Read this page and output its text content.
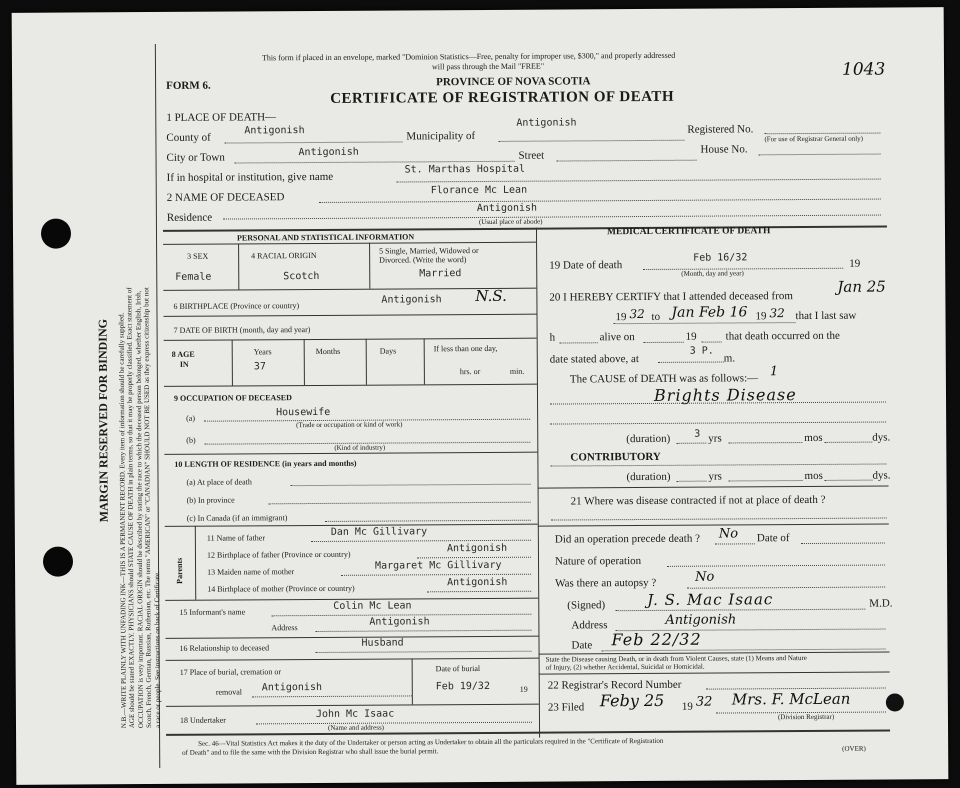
MARGIN RESERVED FOR BINDING N.B.—WRITE PLAINLY WITH UNFADING INK—THIS IS A PERMANENT RECORD. Every item of information should be carefully supplied.
AGE should be stated EXACTLY. PHYSICIANS should STATE CAUSE OF DEATH in plain terms, so that it may be properly classified. Exact statement of
OCCUPATION is very important. RACIAL ORIGIN should be described by stating the race to which the deceased person belonged, whether English, Irish,
Scotch, French, German, Russian, Ruthenian, etc. The terms "AMERICAN" or "CANADIAN" SHOULD NOT BE USED as they express citizenship but not a race or people. See instructions on back of Certificate.
This form if placed in an envelope, marked "Dominion Statistics—Free, penalty for improper use, $300," and properly addressed
will pass through the Mail "FREE"	1043
FORM 6.	PROVINCE OF NOVA SCOTIA
CERTIFICATE OF REGISTRATION OF DEATH
1 PLACE OF DEATH—
County of
Antigonish	Municipality of
Antigonish
Registered No.
(For use of Registrar General only)
City or Town	Antigonish	Street
House No.
If in hospital or institution, give name
St. Marthas Hospital
2 NAME OF DECEASED
Florance Mc Lean
Residence
Antigonish
(Usual place of abode)
PERSONAL AND STATISTICAL INFORMATION
3 SEX
Female
4 RACIAL ORIGIN
Scotch
5 Single, Married, Widowed or
Divorced. (Write the word)
Married
6 BIRTHPLACE (Province or country)
Antigonish N.S.
7 DATE OF BIRTH (month, day and year)
8 AGE
IN
Years
37
Months	Days	If less than one day,
hrs. or	min.
9 OCCUPATION OF DECEASED
(a)
Housewife
(Trade or occupation or kind of work)
(b)
(Kind of industry)
10 LENGTH OF RESIDENCE (in years and months)
(a) At place of death
(b) In province
(c) In Canada (if an immigrant)
Parents
11 Name of father
Dan Mc Gillivary
12 Birthplace of father (Province or country)
Antigonish
13 Maiden name of mother
Margaret Mc Gillivary
14 Birthplace of mother (Province or country)
Antigonish
15 Informant's name
Colin Mc Lean
Address
Antigonish
16 Relationship to deceased	Husband
17 Place of burial, cremation or
removal Antigonish
Date of burial
Feb 19/32	19
18 Undertaker
John Mc Isaac
(Name and address)
MEDICAL CERTIFICATE OF DEATH
19 Date of death
Feb 16/32
(Month, day and year)
19
20 I HEREBY CERTIFY that I attended deceased from
Jan 25
19 32 to Jan Feb 16 19 32 that I last saw
h	alive on	19	that death occurred on the
date stated above, at
3 P.
m.
The CAUSE of DEATH was as follows:— 1
Brights Disease
(duration) 3 yrs	mos	dys.
CONTRIBUTORY
(duration)	yrs	mos	dys.
21 Where was disease contracted if not at place of death ?
Did an operation precede death ? No Date of
Nature of operation
Was there an autopsy ?	No
(Signed)	J. S. Mac Isaac	M.D.
Address	Antigonish
Date Feb 22/32
State the Disease causing Death, or in death from Violent Causes, state (1) Means and Nature
of Injury, (2) whether Accidental, Suicidal or Homicidal.
22 Registrar's Record Number
23 Filed Feby 25 19 32 Mrs. F. McLean
(Division Registrar)
Sec. 46—Vital Statistics Act makes it the duty of the Undertaker or person acting as Undertaker to obtain all the particulars required in the "Certificate of Registration
of Death" and to file the same with the Division Registrar who shall issue the burial permit.	(OVER)
